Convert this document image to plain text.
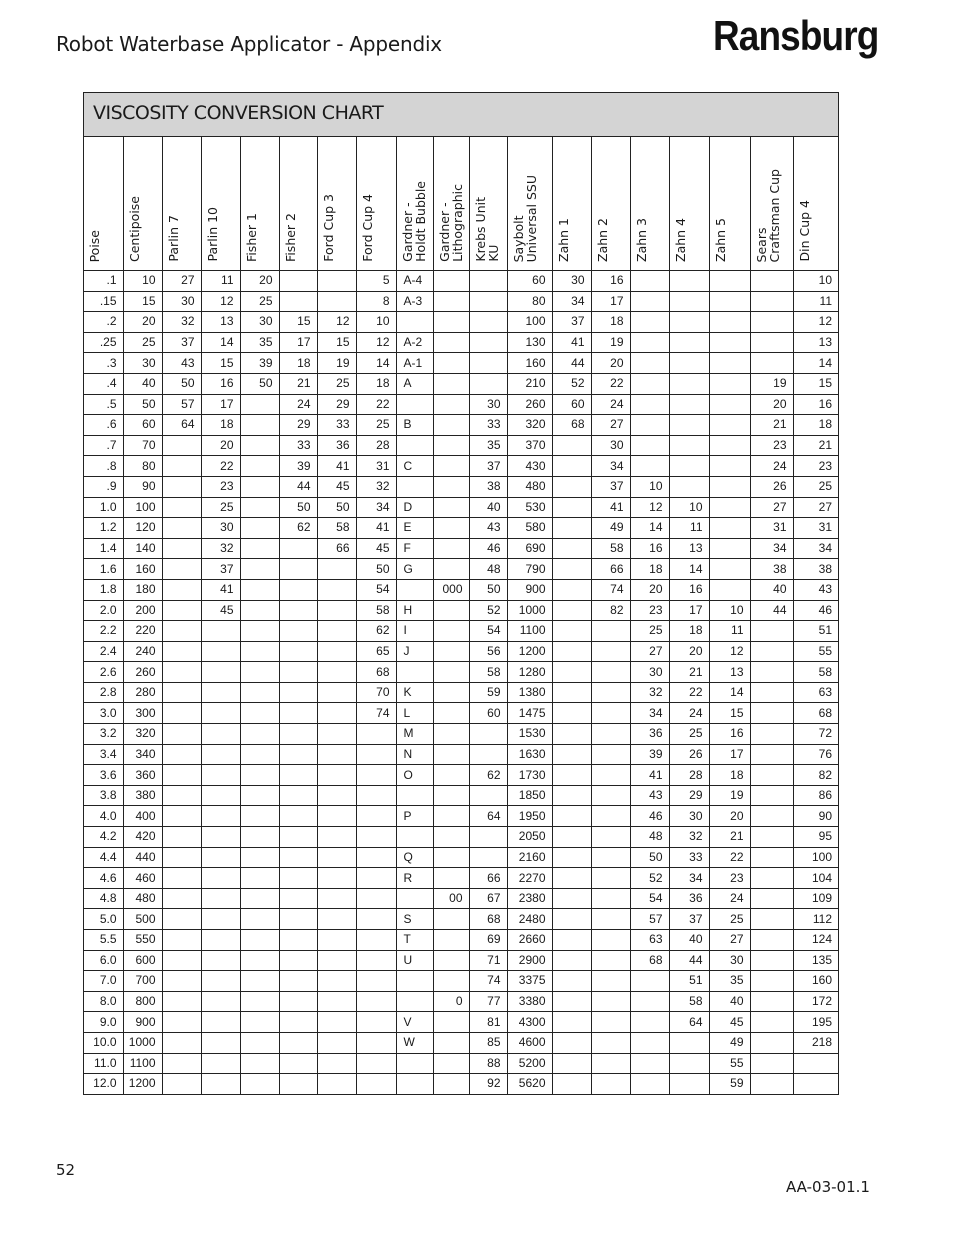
Robot Waterbase Applicator - Appendix	Ransburg
VISCOSITY CONVERSION CHART
Poise	Centipoise	Parlin 7	Parlin 10	Fisher 1	Fisher 2	Ford Cup 3	Ford Cup 4	Gardner -
Holdt Bubble	Gardner -
Lithographic	Krebs Unit
KU	Saybolt
Universal SSU	Zahn 1	Zahn 2	Zahn 3	Zahn 4	Zahn 5	Sears
Craftsman Cup	Din Cup 4

.1	10	27	11	20			5	A-4			60	30	16					10
.15	15	30	12	25			8	A-3			80	34	17					11
.2	20	32	13	30	15	12	10				100	37	18					12
.25	25	37	14	35	17	15	12	A-2			130	41	19					13
.3	30	43	15	39	18	19	14	A-1			160	44	20					14
.4	40	50	16	50	21	25	18	A			210	52	22				19	15
.5	50	57	17		24	29	22			30	260	60	24				20	16
.6	60	64	18		29	33	25	B		33	320	68	27				21	18
.7	70		20		33	36	28			35	370		30				23	21
.8	80		22		39	41	31	C		37	430		34				24	23
.9	90		23		44	45	32			38	480		37	10			26	25
1.0	100		25		50	50	34	D		40	530		41	12	10		27	27
1.2	120		30		62	58	41	E		43	580		49	14	11		31	31
1.4	140		32			66	45	F		46	690		58	16	13		34	34
1.6	160		37				50	G		48	790		66	18	14		38	38
1.8	180		41				54		000	50	900		74	20	16		40	43
2.0	200		45				58	H		52	1000		82	23	17	10	44	46
2.2	220						62	I		54	1100			25	18	11		51
2.4	240						65	J		56	1200			27	20	12		55
2.6	260						68			58	1280			30	21	13		58
2.8	280						70	K		59	1380			32	22	14		63
3.0	300						74	L		60	1475			34	24	15		68
3.2	320							M			1530			36	25	16		72
3.4	340							N			1630			39	26	17		76
3.6	360							O		62	1730			41	28	18		82
3.8	380										1850			43	29	19		86
4.0	400							P		64	1950			46	30	20		90
4.2	420										2050			48	32	21		95
4.4	440							Q			2160			50	33	22		100
4.6	460							R		66	2270			52	34	23		104
4.8	480								00	67	2380			54	36	24		109
5.0	500							S		68	2480			57	37	25		112
5.5	550							T		69	2660			63	40	27		124
6.0	600							U		71	2900			68	44	30		135
7.0	700									74	3375				51	35		160
8.0	800								0	77	3380				58	40		172
9.0	900							V		81	4300				64	45		195
10.0	1000							W		85	4600					49		218
11.0	1100									88	5200					55		
12.0	1200									92	5620					59		
52
AA-03-01.1
